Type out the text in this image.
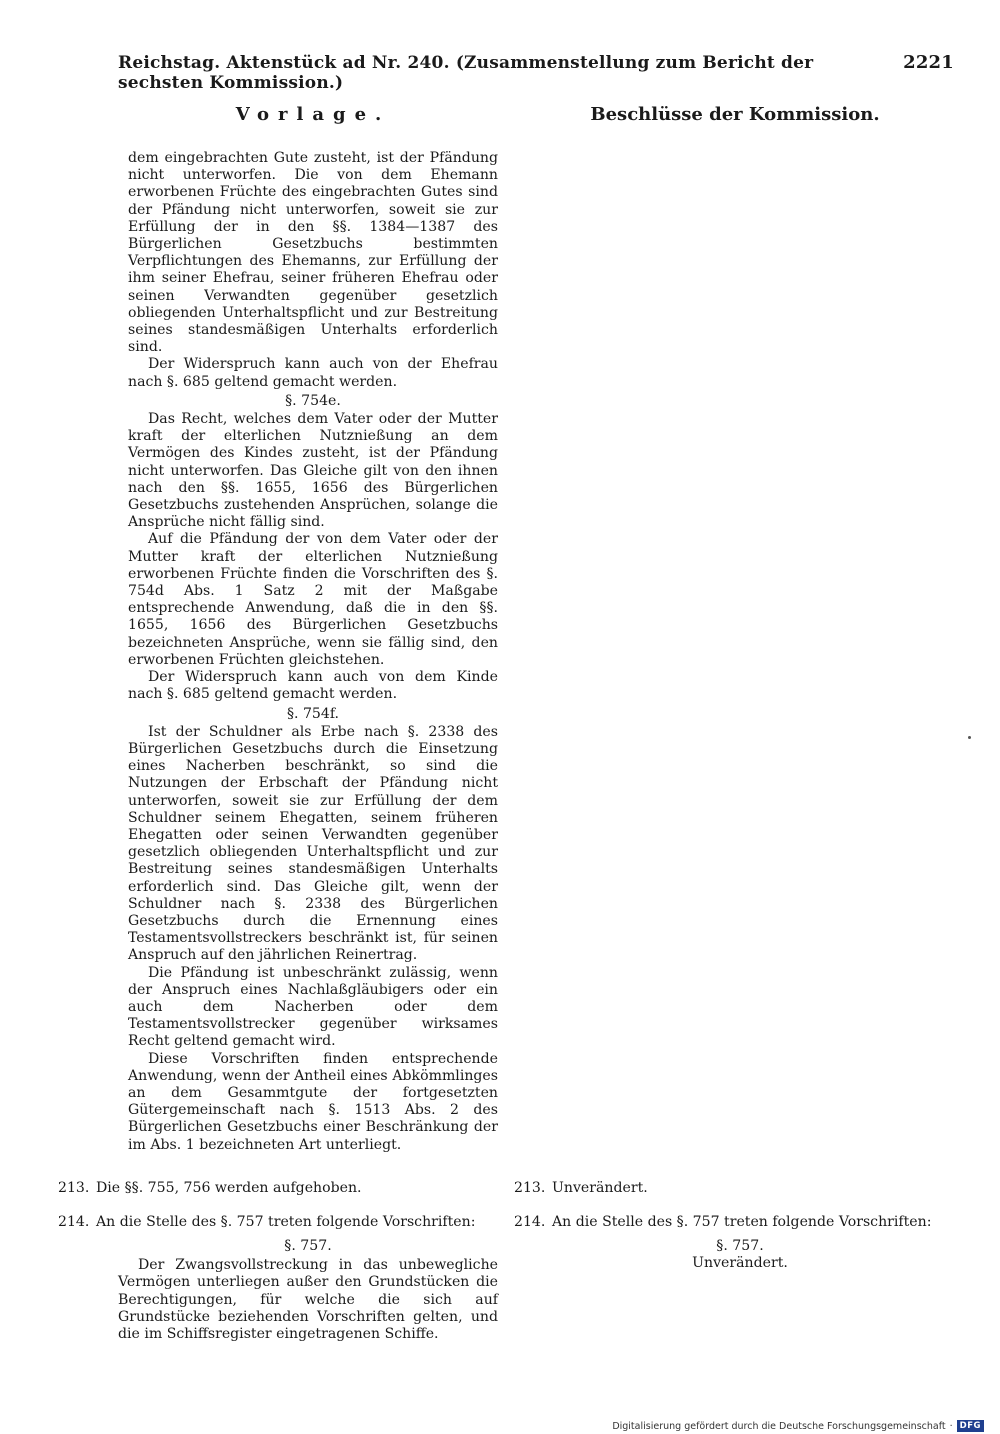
Reichstag. Aktenstück ad Nr. 240. (Zusammenstellung zum Bericht der sechsten Kommission.)
2221
Vorlage.	Beschlüsse der Kommission.

dem eingebrachten Gute zusteht, ist der Pfändung nicht unterworfen. Die von dem Ehemann erworbenen Früchte des eingebrachten Gutes sind der Pfändung nicht unterworfen, soweit sie zur Erfüllung der in den §§. 1384—1387 des Bürgerlichen Gesetzbuchs bestimmten Verpflichtungen des Ehemanns, zur Erfüllung der ihm seiner Ehefrau, seiner früheren Ehefrau oder seinen Verwandten gegenüber gesetzlich obliegenden Unterhaltspflicht und zur Bestreitung seines standesmäßigen Unterhalts erforderlich sind.

Der Widerspruch kann auch von der Ehefrau nach §. 685 geltend gemacht werden.

§. 754e.

Das Recht, welches dem Vater oder der Mutter kraft der elterlichen Nutznießung an dem Vermögen des Kindes zusteht, ist der Pfändung nicht unterworfen. Das Gleiche gilt von den ihnen nach den §§. 1655, 1656 des Bürgerlichen Gesetzbuchs zustehenden Ansprüchen, solange die Ansprüche nicht fällig sind.

Auf die Pfändung der von dem Vater oder der Mutter kraft der elterlichen Nutznießung erworbenen Früchte finden die Vorschriften des §. 754d Abs. 1 Satz 2 mit der Maßgabe entsprechende Anwendung, daß die in den §§. 1655, 1656 des Bürgerlichen Gesetzbuchs bezeichneten Ansprüche, wenn sie fällig sind, den erworbenen Früchten gleichstehen.

Der Widerspruch kann auch von dem Kinde nach §. 685 geltend gemacht werden.

§. 754f.

Ist der Schuldner als Erbe nach §. 2338 des Bürgerlichen Gesetzbuchs durch die Einsetzung eines Nacherben beschränkt, so sind die Nutzungen der Erbschaft der Pfändung nicht unterworfen, soweit sie zur Erfüllung der dem Schuldner seinem Ehegatten, seinem früheren Ehegatten oder seinen Verwandten gegenüber gesetzlich obliegenden Unterhaltspflicht und zur Bestreitung seines standesmäßigen Unterhalts erforderlich sind. Das Gleiche gilt, wenn der Schuldner nach §. 2338 des Bürgerlichen Gesetzbuchs durch die Ernennung eines Testamentsvollstreckers beschränkt ist, für seinen Anspruch auf den jährlichen Reinertrag.

Die Pfändung ist unbeschränkt zulässig, wenn der Anspruch eines Nachlaßgläubigers oder ein auch dem Nacherben oder dem Testamentsvollstrecker gegenüber wirksames Recht geltend gemacht wird.

Diese Vorschriften finden entsprechende Anwendung, wenn der Antheil eines Abkömmlinges an dem Gesammtgute der fortgesetzten Gütergemeinschaft nach §. 1513 Abs. 2 des Bürgerlichen Gesetzbuchs einer Beschränkung der im Abs. 1 bezeichneten Art unterliegt.

213. Die §§. 755, 756 werden aufgehoben.	213. Unverändert.
214. An die Stelle des §. 757 treten folgende Vorschriften:	214. An die Stelle des §. 757 treten folgende Vorschriften:
§. 757.

Der Zwangsvollstreckung in das unbewegliche Vermögen unterliegen außer den Grundstücken die Berechtigungen, für welche die sich auf Grundstücke beziehenden Vorschriften gelten, und die im Schiffsregister eingetragenen Schiffe.

§. 757.
Unverändert.
Digitalisierung gefördert durch die Deutsche Forschungsgemeinschaft · DFG
